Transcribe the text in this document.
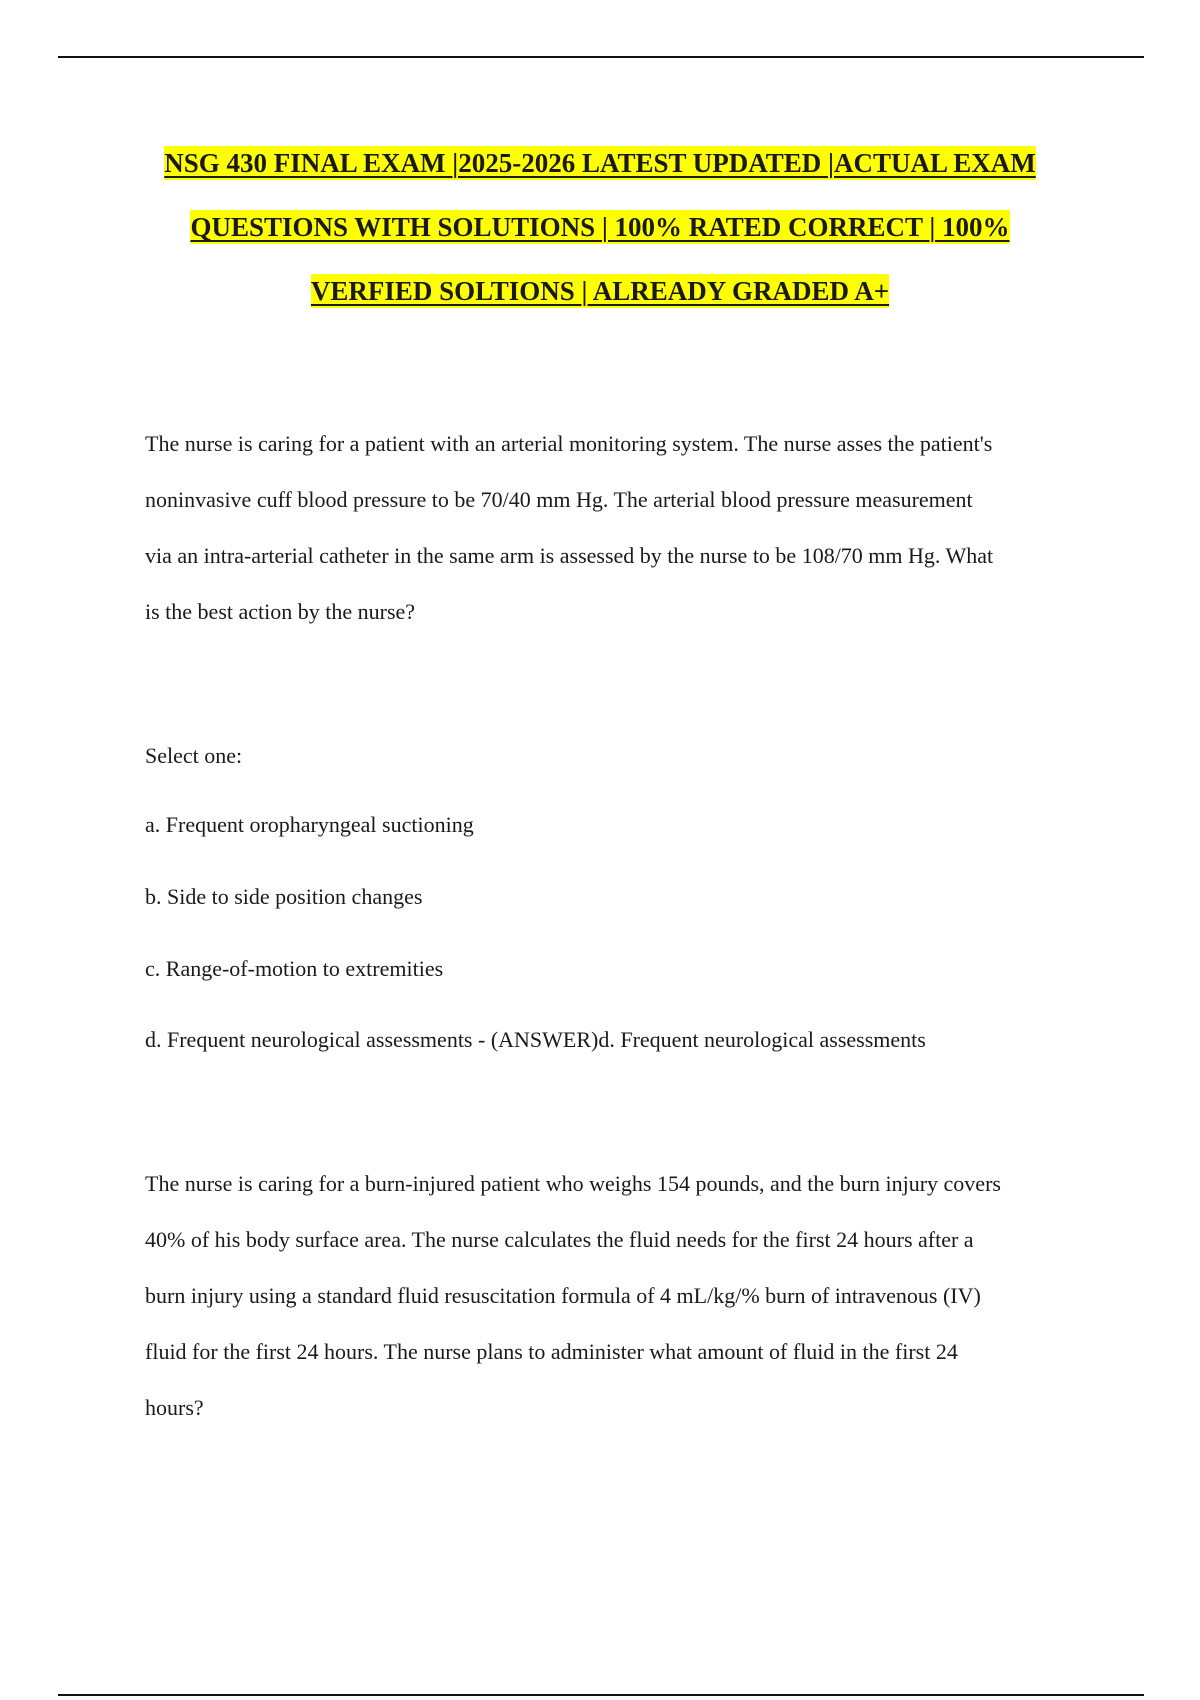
NSG 430 FINAL EXAM |2025-2026 LATEST UPDATED |ACTUAL EXAM
QUESTIONS WITH SOLUTIONS | 100% RATED CORRECT | 100%
VERFIED SOLTIONS | ALREADY GRADED A+
The nurse is caring for a patient with an arterial monitoring system. The nurse asses the patient's
noninvasive cuff blood pressure to be 70/40 mm Hg. The arterial blood pressure measurement
via an intra-arterial catheter in the same arm is assessed by the nurse to be 108/70 mm Hg. What
is the best action by the nurse?
Select one:
a. Frequent oropharyngeal suctioning
b. Side to side position changes
c. Range-of-motion to extremities
d. Frequent neurological assessments - (ANSWER)d. Frequent neurological assessments
The nurse is caring for a burn-injured patient who weighs 154 pounds, and the burn injury covers
40% of his body surface area. The nurse calculates the fluid needs for the first 24 hours after a
burn injury using a standard fluid resuscitation formula of 4 mL/kg/% burn of intravenous (IV)
fluid for the first 24 hours. The nurse plans to administer what amount of fluid in the first 24
hours?
